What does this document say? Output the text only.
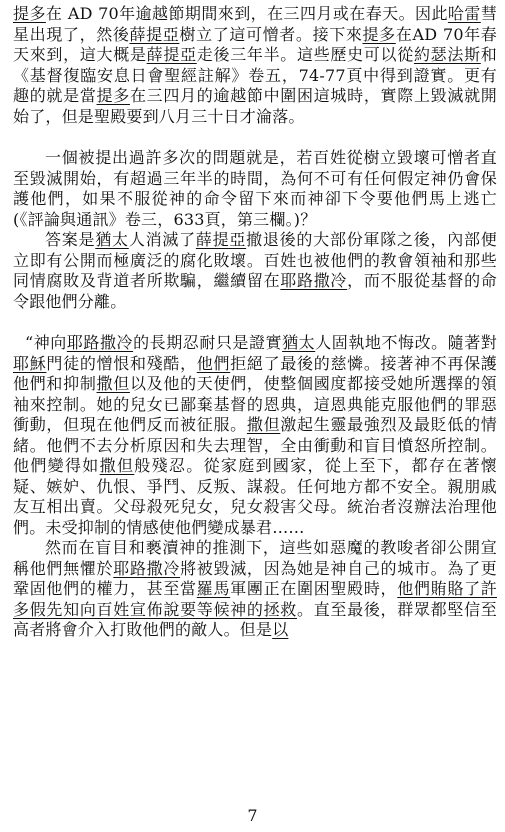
提多在 AD 70年逾越節期間來到，在三四月或在春天。因此哈雷彗星出現了，然後薛提亞樹立了這可憎者。接下來提多在AD 70年春天來到，這大概是薛提亞走後三年半。這些歷史可以從約瑟法斯和《基督復臨安息日會聖經註解》卷五，74-77頁中得到證實。更有趣的就是當提多在三四月的逾越節中圍困這城時，實際上毀滅就開始了，但是聖殿要到八月三十日才淪落。

一個被提出過許多次的問題就是，若百姓從樹立毀壞可憎者直至毀滅開始，有超過三年半的時間，為何不可有任何假定神仍會保護他們，如果不服從神的命令留下來而神卻下令要他們馬上逃亡(《評論與通訊》卷三，633頁，第三欄。)？

答案是猶太人消滅了薛提亞撤退後的大部份軍隊之後，內部便立即有公開而極廣泛的腐化敗壞。百姓也被他們的教會領袖和那些同情腐敗及背道者所欺騙，繼續留在耶路撒冷，而不服從基督的命令跟他們分離。

“神向耶路撒冷的長期忍耐只是證實猶太人固執地不悔改。隨著對耶穌門徒的憎恨和殘酷，他們拒絕了最後的慈憐。接著神不再保護他們和抑制撒但以及他的天使們，使整個國度都接受她所選擇的領袖來控制。她的兒女已鄙棄基督的恩典，這恩典能克服他們的罪惡衝動，但現在他們反而被征服。撒但激起生靈最強烈及最貶低的情緒。他們不去分析原因和失去理智，全由衝動和盲目憤怒所控制。他們變得如撒但般殘忍。從家庭到國家，從上至下，都存在著懷疑、嫉妒、仇恨、爭鬥、反叛、謀殺。任何地方都不安全。親朋戚友互相出賣。父母殺死兒女，兒女殺害父母。統治者沒辦法治理他們。未受抑制的情感使他們變成暴君……

然而在盲目和褻瀆神的推測下，這些如惡魔的教唆者卻公開宣稱他們無懼於耶路撒冷將被毀滅，因為她是神自己的城市。為了更鞏固他們的權力，甚至當羅馬軍團正在圍困聖殿時，他們賄賂了許多假先知向百姓宣佈說要等候神的拯救。直至最後，群眾都堅信至高者將會介入打敗他們的敵人。但是以

7
